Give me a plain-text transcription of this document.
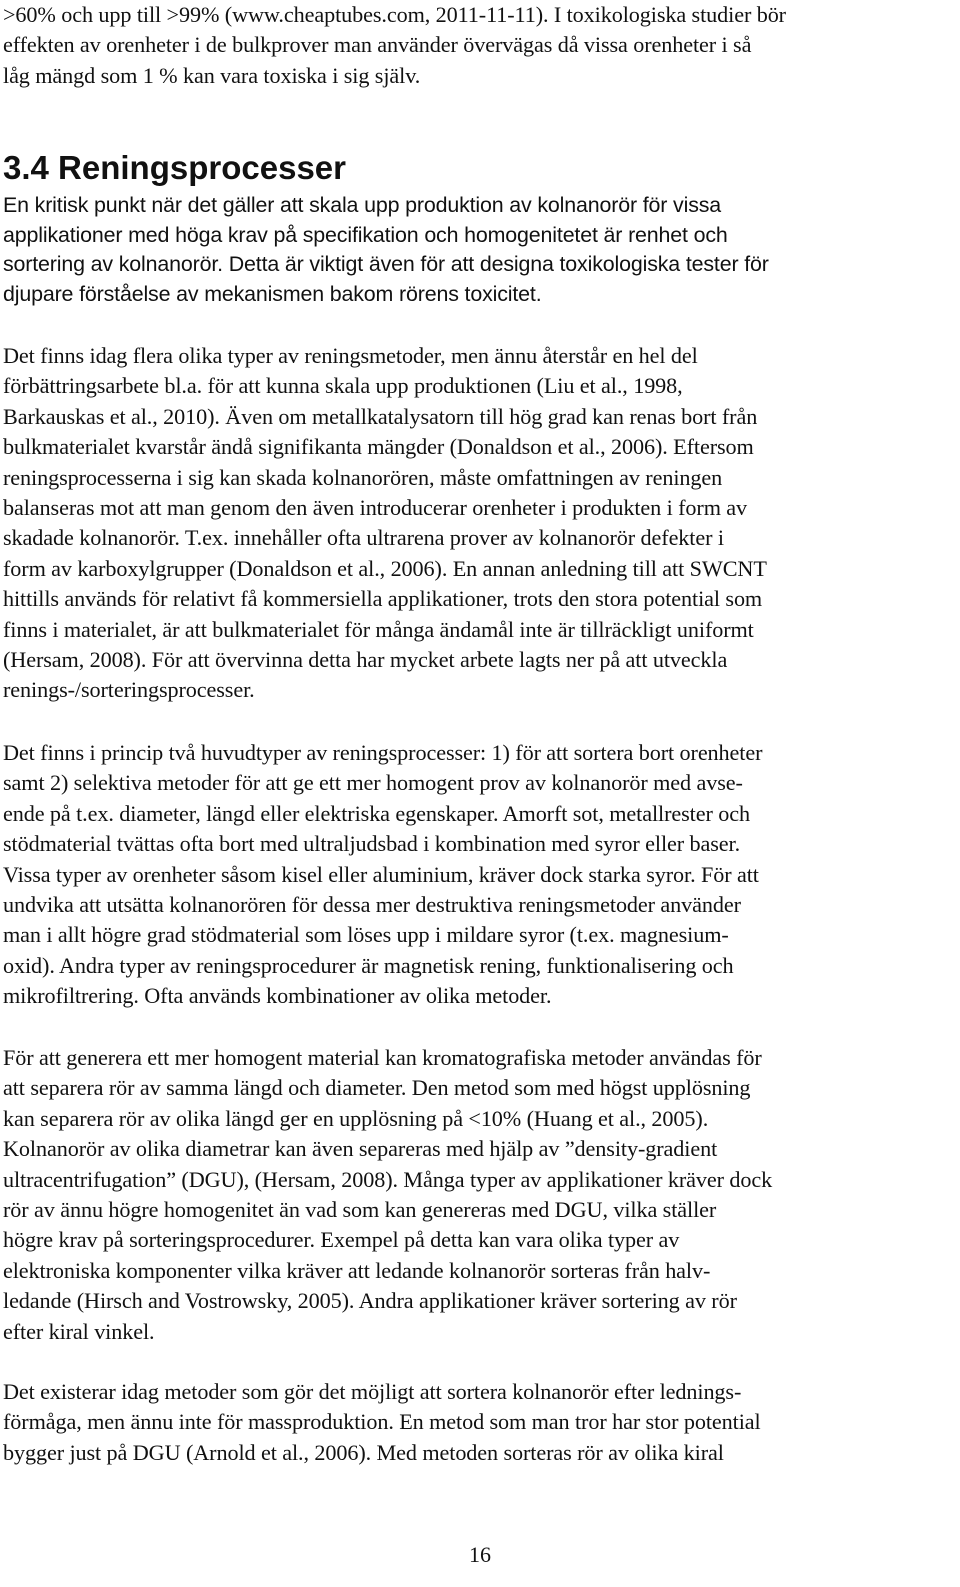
>60% och upp till >99% (www.cheaptubes.com, 2011-11-11). I toxikologiska studier bör
effekten av orenheter i de bulkprover man använder övervägas då vissa orenheter i så
låg mängd som 1 % kan vara toxiska i sig själv.

3.4 Reningsprocesser

En kritisk punkt när det gäller att skala upp produktion av kolnanorör för vissa
applikationer med höga krav på specifikation och homogenitetet är renhet och
sortering av kolnanorör. Detta är viktigt även för att designa toxikologiska tester för
djupare förståelse av mekanismen bakom rörens toxicitet.

Det finns idag flera olika typer av reningsmetoder, men ännu återstår en hel del
förbättringsarbete bl.a. för att kunna skala upp produktionen (Liu et al., 1998,
Barkauskas et al., 2010). Även om metallkatalysatorn till hög grad kan renas bort från
bulkmaterialet kvarstår ändå signifikanta mängder (Donaldson et al., 2006). Eftersom
reningsprocesserna i sig kan skada kolnanorören, måste omfattningen av reningen
balanseras mot att man genom den även introducerar orenheter i produkten i form av
skadade kolnanorör. T.ex. innehåller ofta ultrarena prover av kolnanorör defekter i
form av karboxylgrupper (Donaldson et al., 2006). En annan anledning till att SWCNT
hittills används för relativt få kommersiella applikationer, trots den stora potential som
finns i materialet, är att bulkmaterialet för många ändamål inte är tillräckligt uniformt
(Hersam, 2008). För att övervinna detta har mycket arbete lagts ner på att utveckla
renings-/sorteringsprocesser.

Det finns i princip två huvudtyper av reningsprocesser: 1) för att sortera bort orenheter
samt 2) selektiva metoder för att ge ett mer homogent prov av kolnanorör med avse-
ende på t.ex. diameter, längd eller elektriska egenskaper. Amorft sot, metallrester och
stödmaterial tvättas ofta bort med ultraljudsbad i kombination med syror eller baser.
Vissa typer av orenheter såsom kisel eller aluminium, kräver dock starka syror. För att
undvika att utsätta kolnanorören för dessa mer destruktiva reningsmetoder använder
man i allt högre grad stödmaterial som löses upp i mildare syror (t.ex. magnesium-
oxid). Andra typer av reningsprocedurer är magnetisk rening, funktionalisering och
mikrofiltrering. Ofta används kombinationer av olika metoder.

För att generera ett mer homogent material kan kromatografiska metoder användas för
att separera rör av samma längd och diameter. Den metod som med högst upplösning
kan separera rör av olika längd ger en upplösning på <10% (Huang et al., 2005).
Kolnanorör av olika diametrar kan även separeras med hjälp av ”density-gradient
ultracentrifugation” (DGU), (Hersam, 2008). Många typer av applikationer kräver dock
rör av ännu högre homogenitet än vad som kan genereras med DGU, vilka ställer
högre krav på sorteringsprocedurer. Exempel på detta kan vara olika typer av
elektroniska komponenter vilka kräver att ledande kolnanorör sorteras från halv-
ledande (Hirsch and Vostrowsky, 2005). Andra applikationer kräver sortering av rör
efter kiral vinkel.

Det existerar idag metoder som gör det möjligt att sortera kolnanorör efter lednings-
förmåga, men ännu inte för massproduktion. En metod som man tror har stor potential
bygger just på DGU (Arnold et al., 2006). Med metoden sorteras rör av olika kiral

16
